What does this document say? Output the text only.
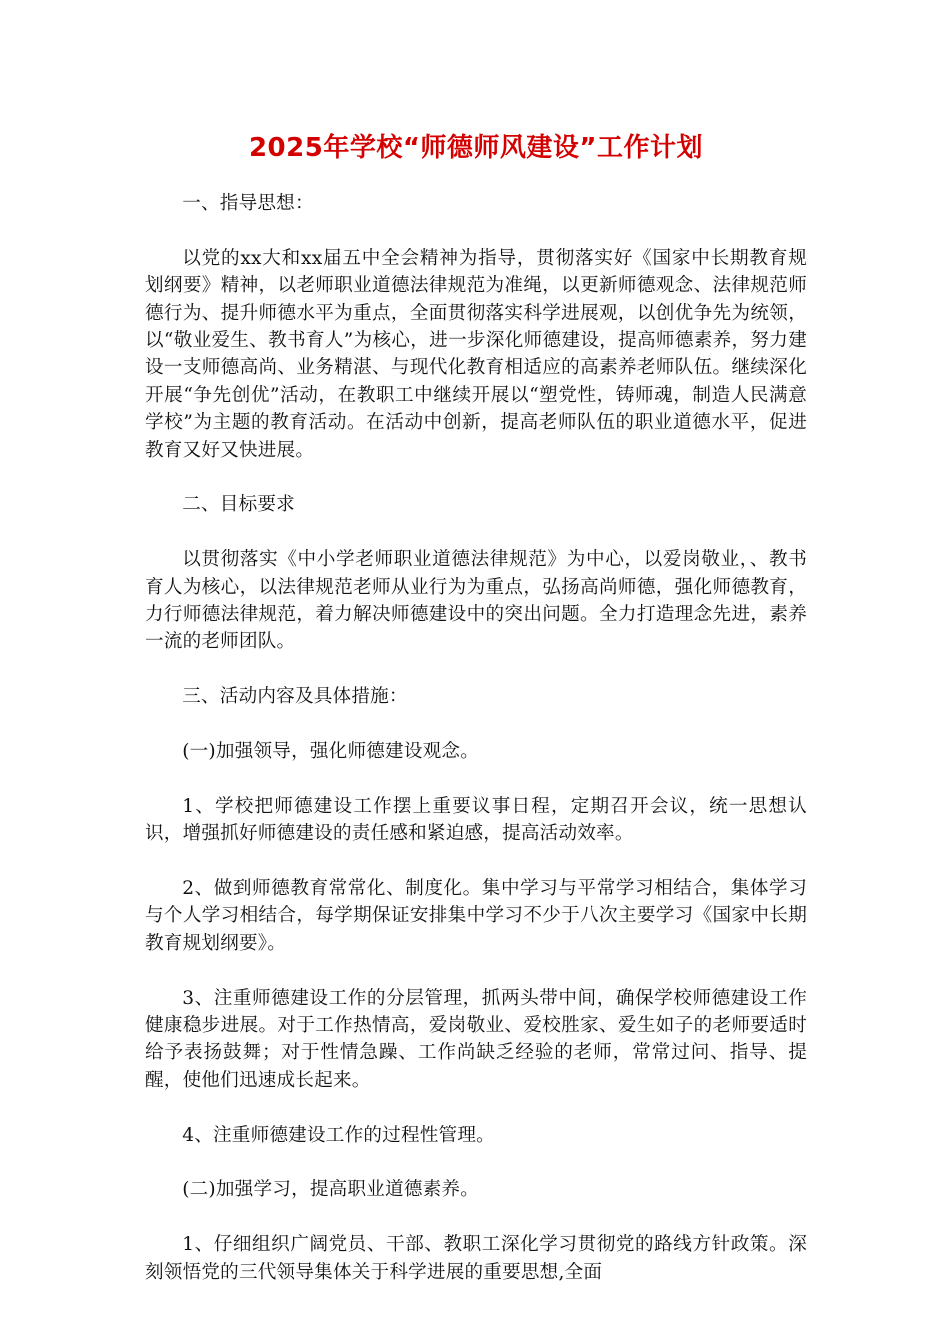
2025年学校“师德师风建设”工作计划

一、指导思想：

以党的xx大和xx届五中全会精神为指导，贯彻落实好《国家中长期教育规划纲要》精神，以老师职业道德法律规范为准绳，以更新师德观念、法律规范师德行为、提升师德水平为重点，全面贯彻落实科学进展观，以创优争先为统领，以“敬业爱生、教书育人”为核心，进一步深化师德建设，提高师德素养，努力建设一支师德高尚、业务精湛、与现代化教育相适应的高素养老师队伍。继续深化开展“争先创优”活动，在教职工中继续开展以“塑党性，铸师魂，制造人民满意学校”为主题的教育活动。在活动中创新，提高老师队伍的职业道德水平，促进教育又好又快进展。

二、目标要求

以贯彻落实《中小学老师职业道德法律规范》为中心，以爱岗敬业，、教书育人为核心，以法律规范老师从业行为为重点，弘扬高尚师德，强化师德教育，力行师德法律规范，着力解决师德建设中的突出问题。全力打造理念先进，素养一流的老师团队。

三、活动内容及具体措施：

(一)加强领导，强化师德建设观念。

1、学校把师德建设工作摆上重要议事日程，定期召开会议，统一思想认识，增强抓好师德建设的责任感和紧迫感，提高活动效率。

2、做到师德教育常常化、制度化。集中学习与平常学习相结合，集体学习与个人学习相结合，每学期保证安排集中学习不少于八次主要学习《国家中长期教育规划纲要》。

3、注重师德建设工作的分层管理，抓两头带中间，确保学校师德建设工作健康稳步进展。对于工作热情高，爱岗敬业、爱校胜家、爱生如子的老师要适时给予表扬鼓舞；对于性情急躁、工作尚缺乏经验的老师，常常过问、指导、提醒，使他们迅速成长起来。

4、注重师德建设工作的过程性管理。

(二)加强学习，提高职业道德素养。

1、仔细组织广阔党员、干部、教职工深化学习贯彻党的路线方针政策。深刻领悟党的三代领导集体关于科学进展的重要思想,全面
